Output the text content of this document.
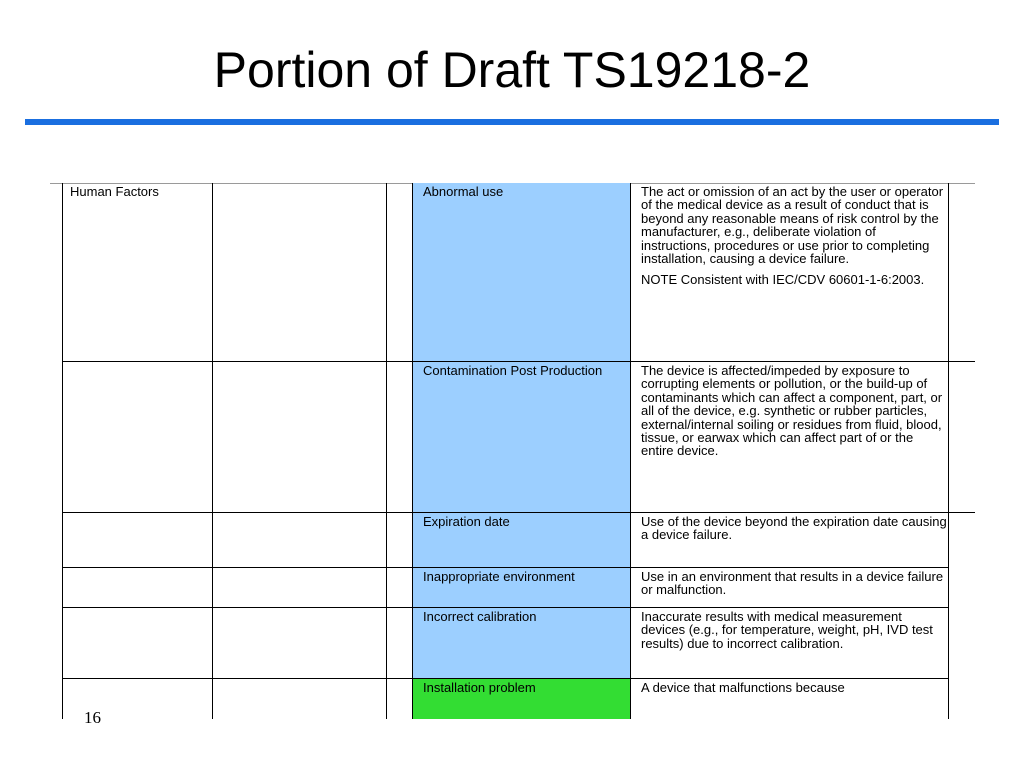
Portion of Draft TS19218-2
Human Factors	Abnormal use	The act or omission of an act by the user or operator of the medical device as a result of conduct that is beyond any reasonable means of risk control by the manufacturer, e.g., deliberate violation of instructions, procedures or use prior to completing installation, causing a device failure.
NOTE Consistent with IEC/CDV 60601-1-6:2003.
Contamination Post Production	The device is affected/impeded by exposure to corrupting elements or pollution, or the build-up of contaminants which can affect a component, part, or all of the device, e.g. synthetic or rubber particles, external/internal soiling or residues from fluid, blood, tissue, or earwax which can affect part of or the entire device.
Expiration date	Use of the device beyond the expiration date causing a device failure.
Inappropriate environment	Use in an environment that results in a device failure or malfunction.
Incorrect calibration	Inaccurate results with medical measurement devices (e.g., for temperature, weight, pH, IVD test results) due to incorrect calibration.
Installation problem	A device that malfunctions because
16
